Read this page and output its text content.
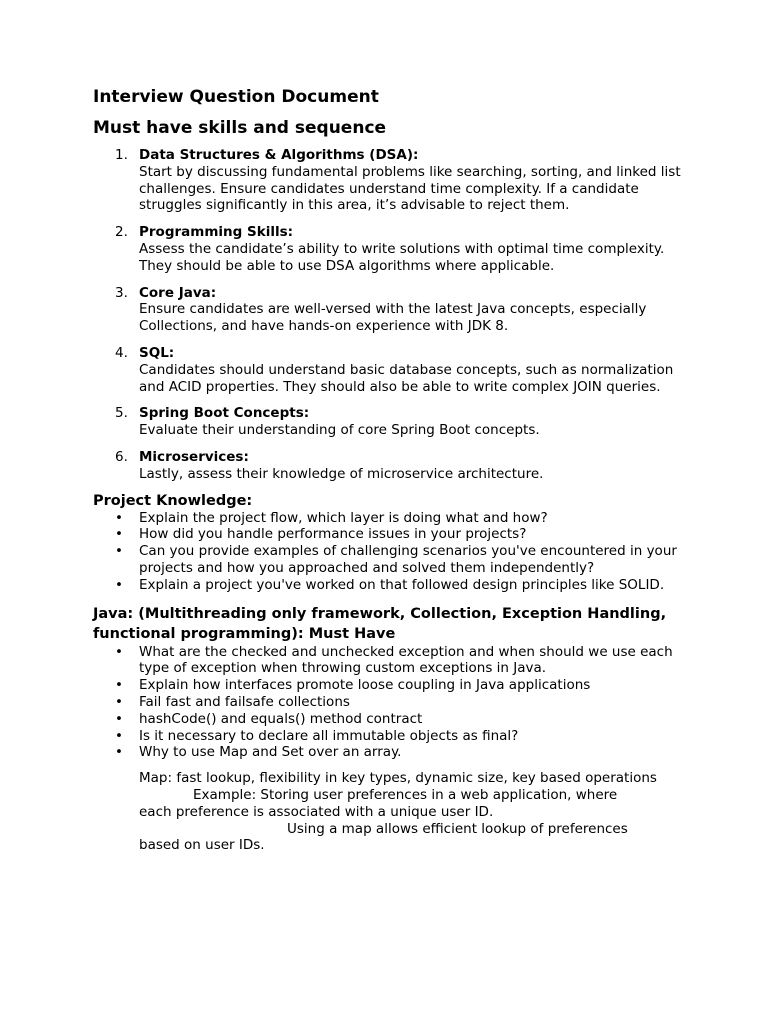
Interview Question Document
Must have skills and sequence
1. Data Structures & Algorithms (DSA):
Start by discussing fundamental problems like searching, sorting, and linked list challenges. Ensure candidates understand time complexity. If a candidate struggles significantly in this area, it’s advisable to reject them.
2. Programming Skills:
Assess the candidate’s ability to write solutions with optimal time complexity. They should be able to use DSA algorithms where applicable.
3. Core Java:
Ensure candidates are well-versed with the latest Java concepts, especially Collections, and have hands-on experience with JDK 8.
4. SQL:
Candidates should understand basic database concepts, such as normalization and ACID properties. They should also be able to write complex JOIN queries.
5. Spring Boot Concepts:
Evaluate their understanding of core Spring Boot concepts.
6. Microservices:
Lastly, assess their knowledge of microservice architecture.
Project Knowledge:
• Explain the project flow, which layer is doing what and how?
• How did you handle performance issues in your projects?
• Can you provide examples of challenging scenarios you've encountered in your projects and how you approached and solved them independently?
• Explain a project you've worked on that followed design principles like SOLID.
Java: (Multithreading only framework, Collection, Exception Handling, functional programming): Must Have
• What are the checked and unchecked exception and when should we use each type of exception when throwing custom exceptions in Java.
• Explain how interfaces promote loose coupling in Java applications
• Fail fast and failsafe collections
• hashCode() and equals() method contract
• Is it necessary to declare all immutable objects as final?
• Why to use Map and Set over an array.
Map: fast lookup, flexibility in key types, dynamic size, key based operations
Example: Storing user preferences in a web application, where
each preference is associated with a unique user ID.
Using a map allows efficient lookup of preferences
based on user IDs.
